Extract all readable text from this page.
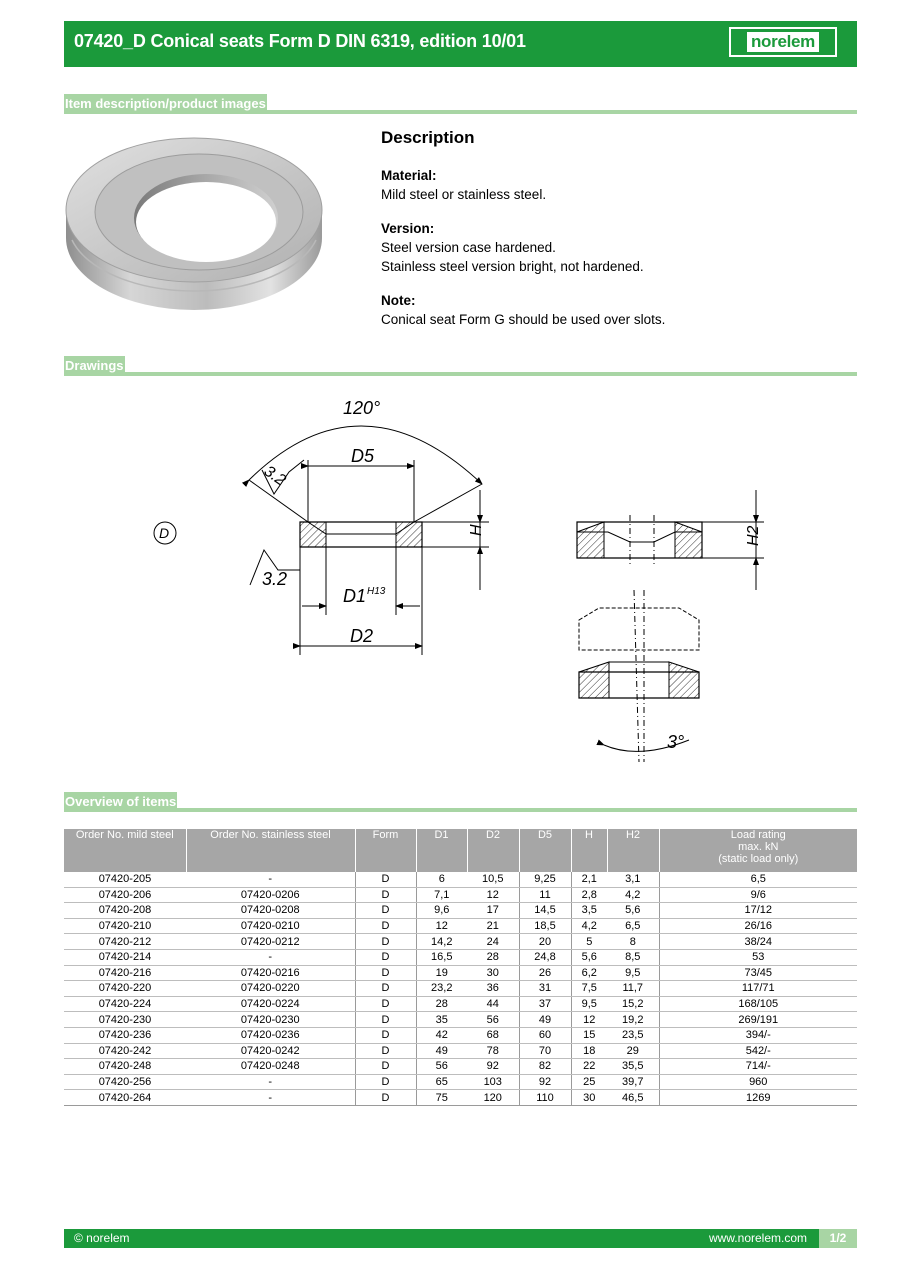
07420_D Conical seats Form D DIN 6319, edition 10/01	norelem
Item description/product images
Description
Material:
Mild steel or stainless steel.
Version:
Steel version case hardened.
Stainless steel version bright, not hardened.
Note:
Conical seat Form G should be used over slots.
Drawings
D
120°
3.2
3.2
D5
D1 H13
D2
H	H2
3°
Overview of items
Order No. mild steel	Order No. stainless steel	Form	D1	D2	D5	H	H2	Load rating
max. kN
(static load only)

07420-205	-	D	6	10,5	9,25	2,1	3,1	6,5
07420-206	07420-0206	D	7,1	12	11	2,8	4,2	9/6
07420-208	07420-0208	D	9,6	17	14,5	3,5	5,6	17/12
07420-210	07420-0210	D	12	21	18,5	4,2	6,5	26/16
07420-212	07420-0212	D	14,2	24	20	5	8	38/24
07420-214	-	D	16,5	28	24,8	5,6	8,5	53
07420-216	07420-0216	D	19	30	26	6,2	9,5	73/45
07420-220	07420-0220	D	23,2	36	31	7,5	11,7	117/71
07420-224	07420-0224	D	28	44	37	9,5	15,2	168/105
07420-230	07420-0230	D	35	56	49	12	19,2	269/191
07420-236	07420-0236	D	42	68	60	15	23,5	394/-
07420-242	07420-0242	D	49	78	70	18	29	542/-
07420-248	07420-0248	D	56	92	82	22	35,5	714/-
07420-256	-	D	65	103	92	25	39,7	960
07420-264	-	D	75	120	110	30	46,5	1269
© norelem	www.norelem.com	1/2
